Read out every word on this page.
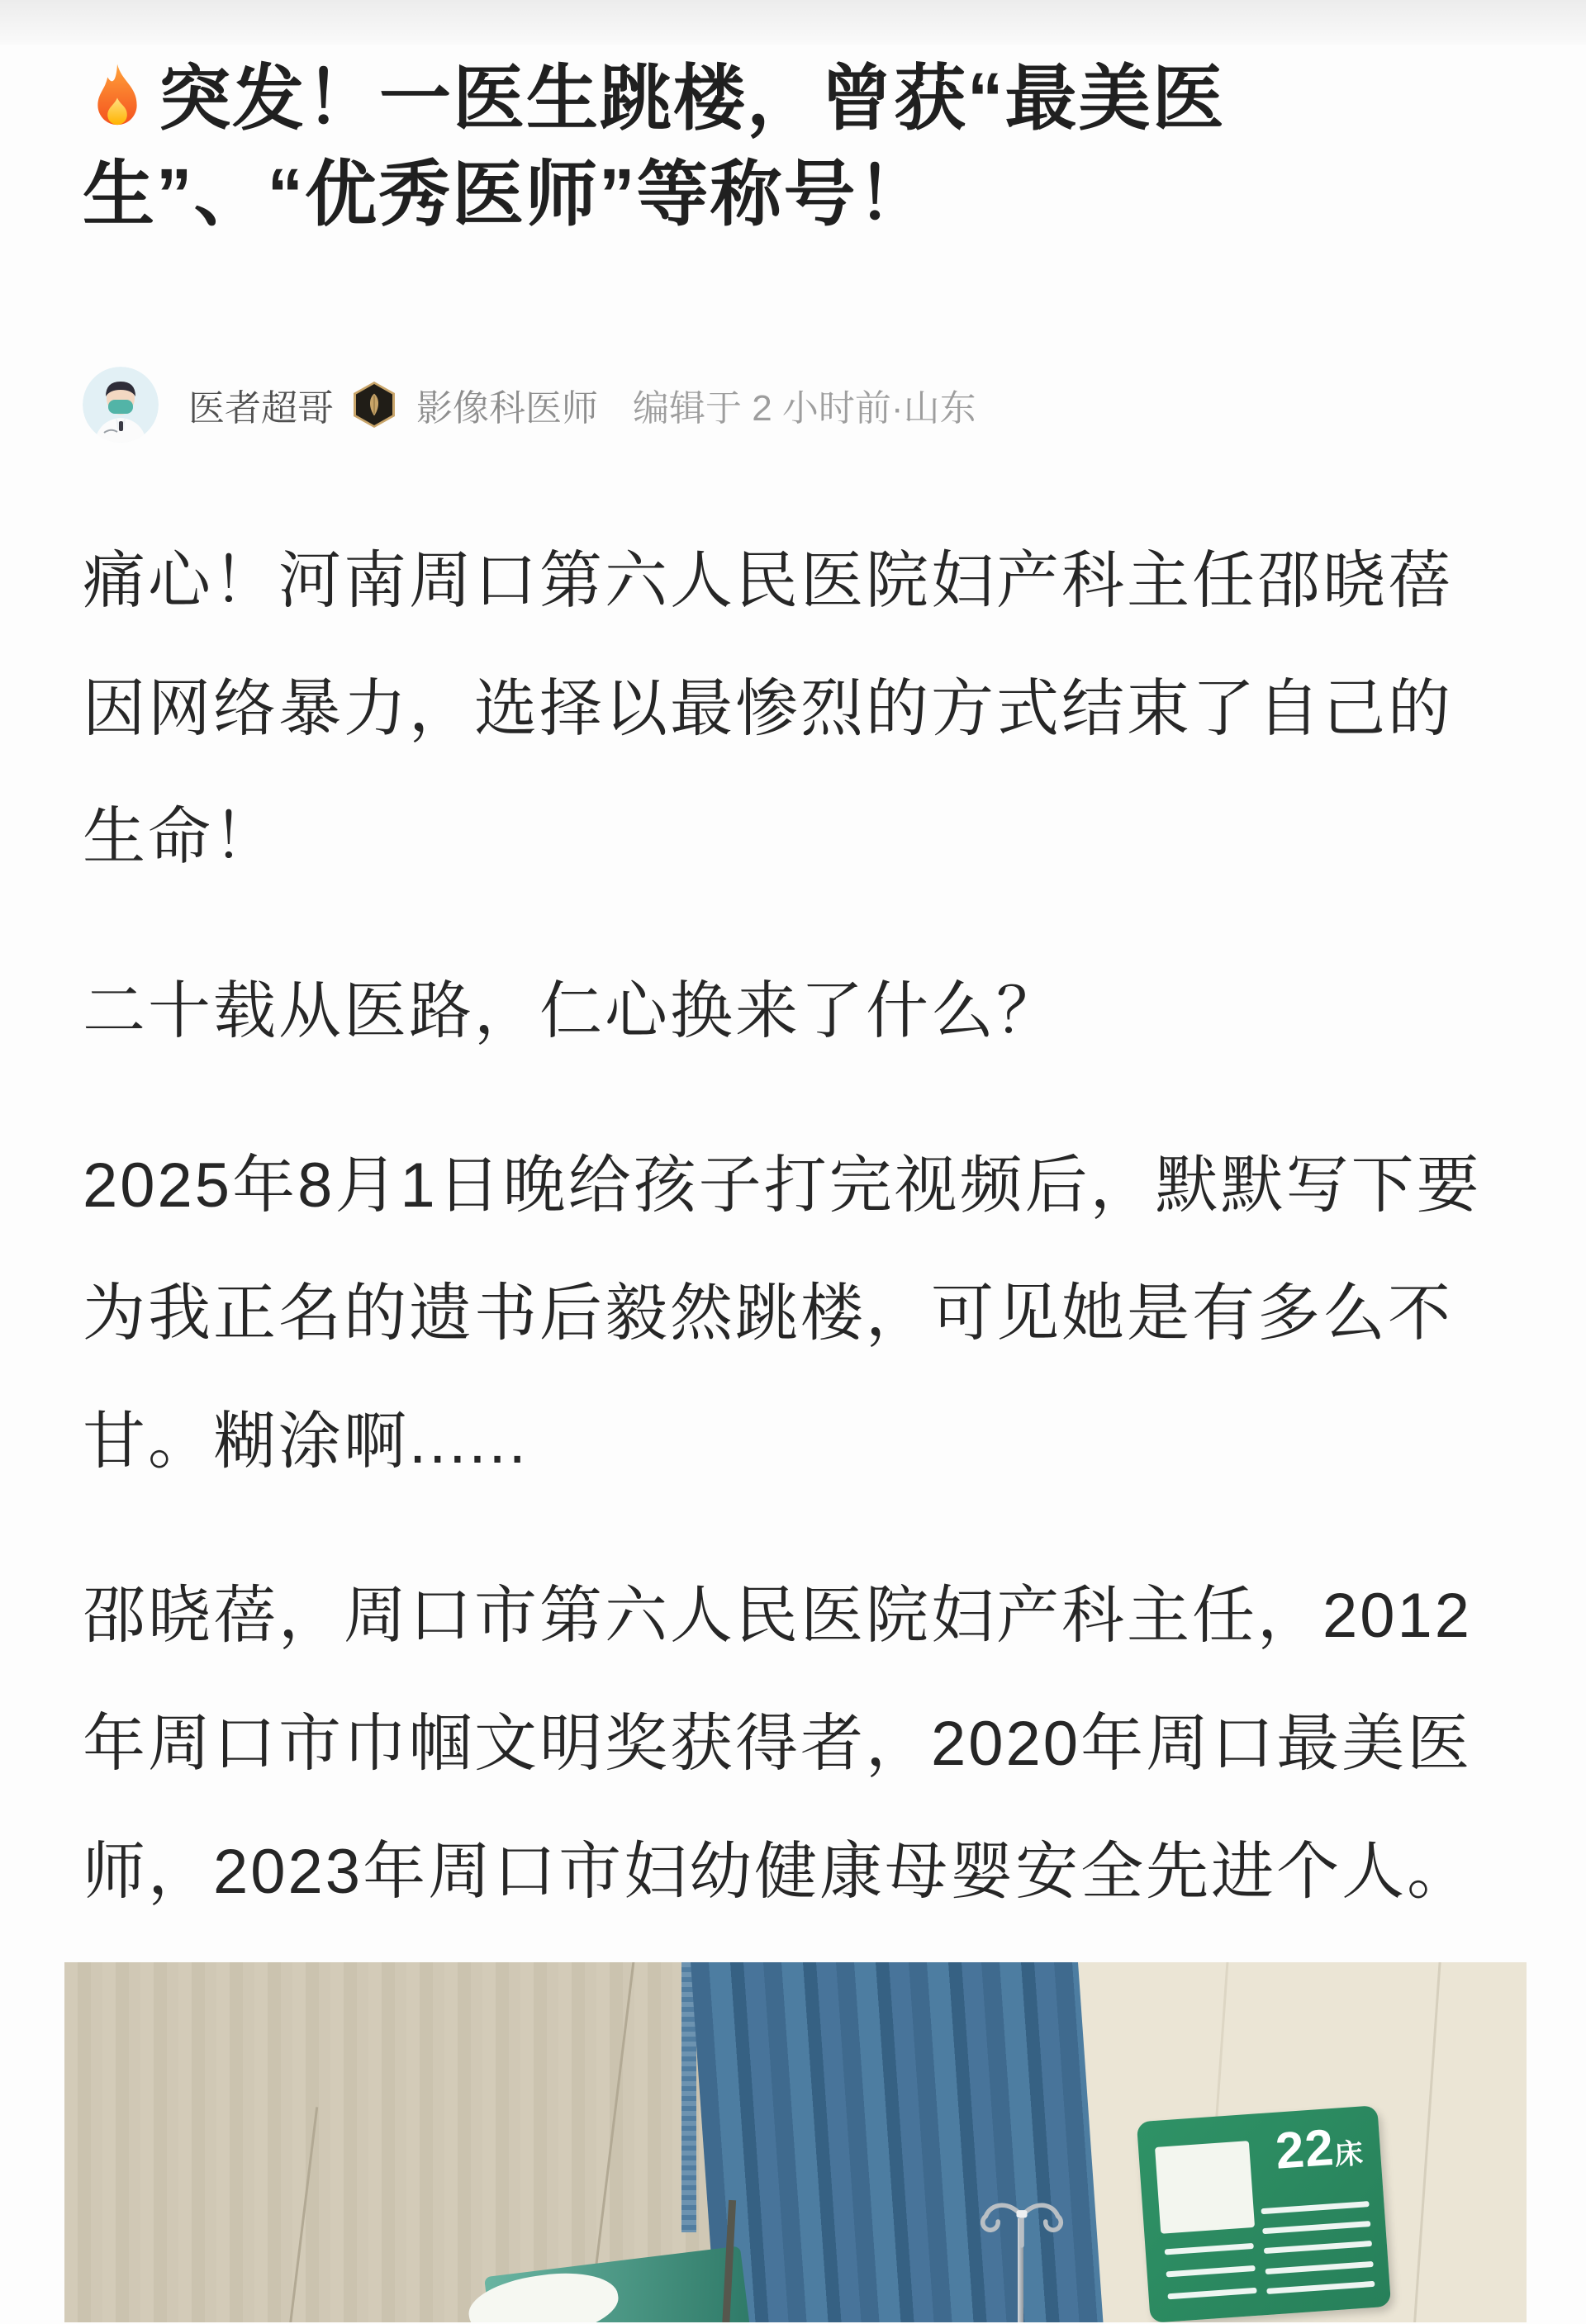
突发！一医生跳楼，曾获“最美医
生”、“优秀医师”等称号！
医者超哥 影像科医师 编辑于 2 小时前·山东
痛心！河南周口第六人民医院妇产科主任邵晓蓓
因网络暴力，选择以最惨烈的方式结束了自己的
生命！
二十载从医路，仁心换来了什么？
2025年8月1日晚给孩子打完视频后，默默写下要
为我正名的遗书后毅然跳楼，可见她是有多么不
甘。糊涂啊......
邵晓蓓，周口市第六人民医院妇产科主任，2012
年周口市巾帼文明奖获得者，2020年周口最美医
师，2023年周口市妇幼健康母婴安全先进个人。
22床
